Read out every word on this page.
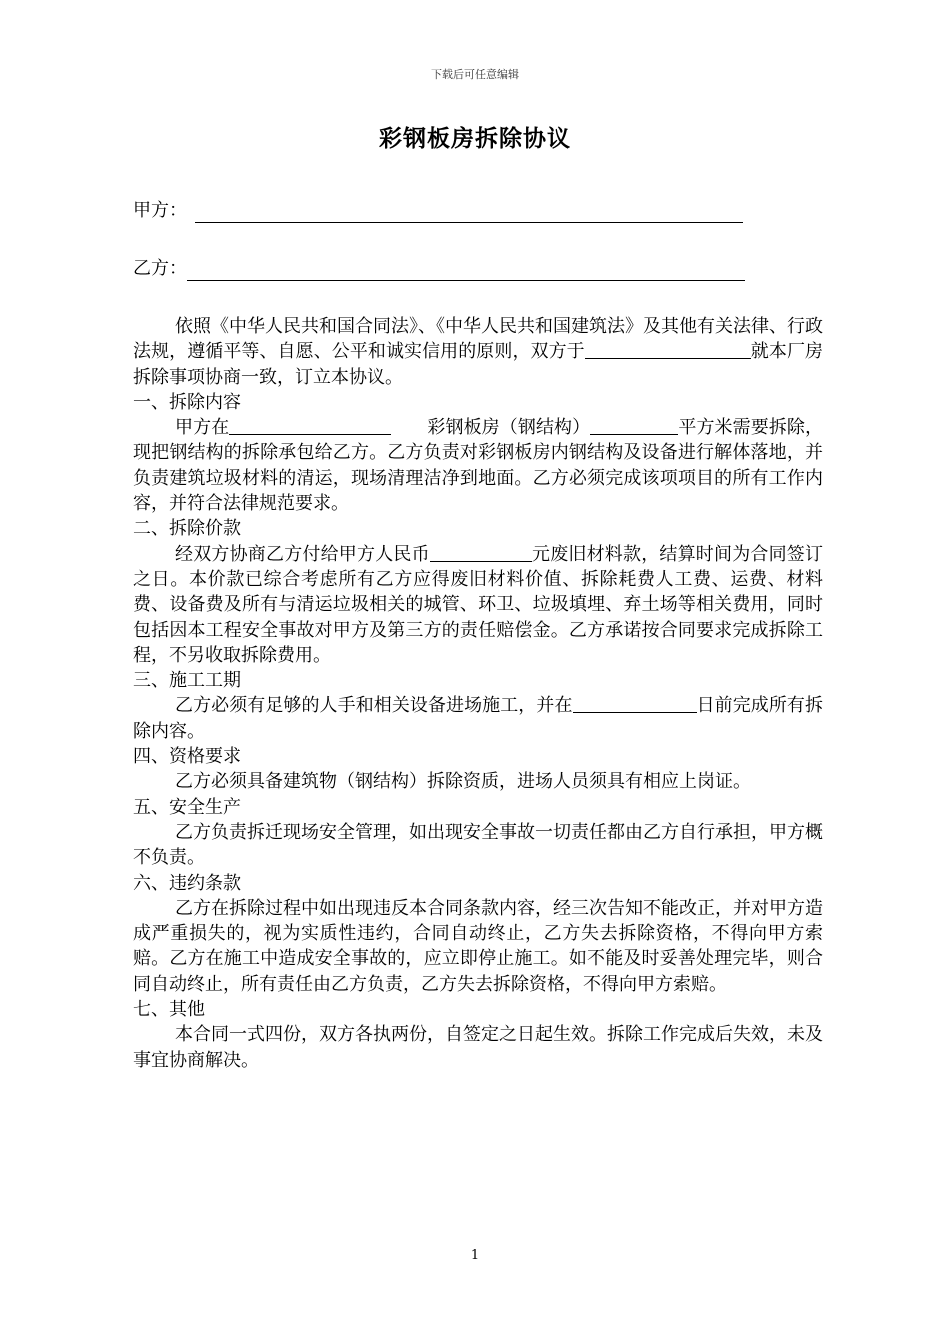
下载后可任意编辑
彩钢板房拆除协议
甲方：
乙方：

依照《中华人民共和国合同法》、《中华人民共和国建筑法》及其他有关法律、行政法规，遵循平等、自愿、公平和诚实信用的原则，双方于	就本厂房拆除事项协商一致，订立本协议。

一、拆除内容

甲方在	彩钢板房（钢结构）	平方米需要拆除，现把钢结构的拆除承包给乙方。乙方负责对彩钢板房内钢结构及设备进行解体落地，并负责建筑垃圾材料的清运，现场清理洁净到地面。乙方必须完成该项项目的所有工作内容，并符合法律规范要求。

二、拆除价款

经双方协商乙方付给甲方人民币	元废旧材料款，结算时间为合同签订之日。本价款已综合考虑所有乙方应得废旧材料价值、拆除耗费人工费、运费、材料费、设备费及所有与清运垃圾相关的城管、环卫、垃圾填埋、弃土场等相关费用，同时包括因本工程安全事故对甲方及第三方的责任赔偿金。乙方承诺按合同要求完成拆除工程，不另收取拆除费用。

三、施工工期

乙方必须有足够的人手和相关设备进场施工，并在	日前完成所有拆除内容。

四、资格要求

乙方必须具备建筑物（钢结构）拆除资质，进场人员须具有相应上岗证。

五、安全生产

乙方负责拆迁现场安全管理，如出现安全事故一切责任都由乙方自行承担，甲方概不负责。

六、违约条款

乙方在拆除过程中如出现违反本合同条款内容，经三次告知不能改正，并对甲方造成严重损失的，视为实质性违约，合同自动终止，乙方失去拆除资格，不得向甲方索赔。乙方在施工中造成安全事故的，应立即停止施工。如不能及时妥善处理完毕，则合同自动终止，所有责任由乙方负责，乙方失去拆除资格，不得向甲方索赔。

七、其他

本合同一式四份，双方各执两份，自签定之日起生效。拆除工作完成后失效，未及事宜协商解决。

1
